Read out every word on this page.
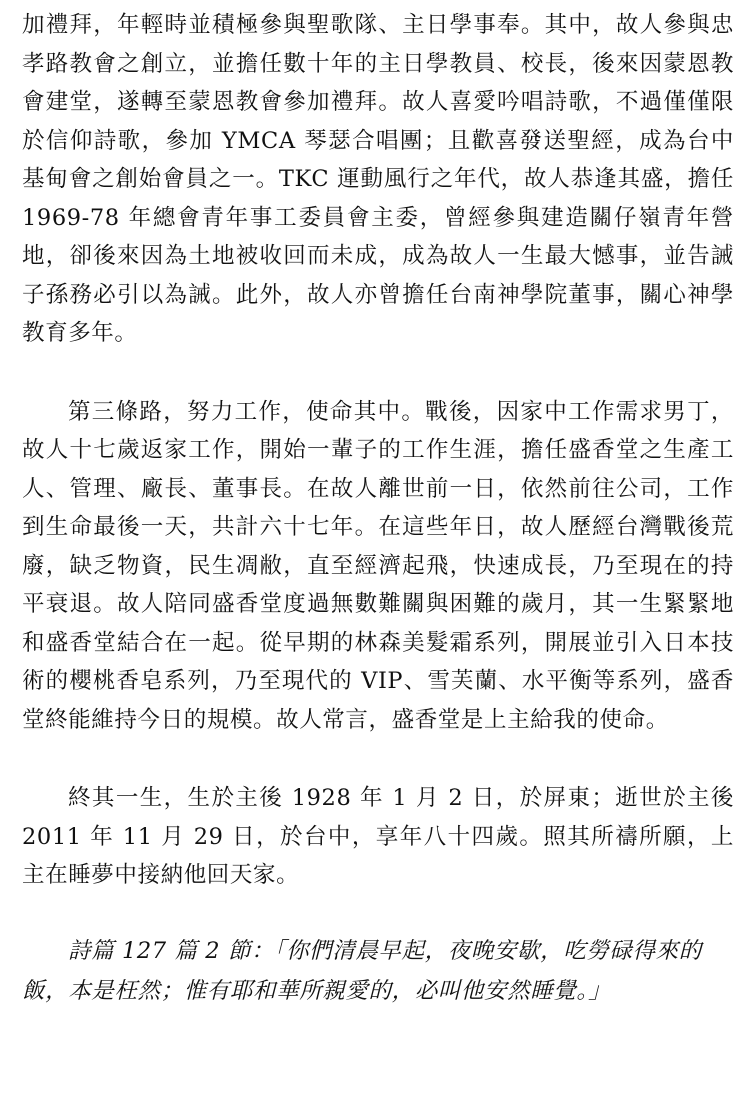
加禮拜，年輕時並積極參與聖歌隊、主日學事奉。其中，故人參與忠孝路教會之創立，並擔任數十年的主日學教員、校長，後來因蒙恩教會建堂，遂轉至蒙恩教會參加禮拜。故人喜愛吟唱詩歌，不過僅僅限於信仰詩歌，參加 YMCA 琴瑟合唱團；且歡喜發送聖經，成為台中基甸會之創始會員之一。TKC 運動風行之年代，故人恭逢其盛，擔任 1969-78 年總會青年事工委員會主委，曾經參與建造關仔嶺青年營地，卻後來因為土地被收回而未成，成為故人一生最大憾事，並告誡子孫務必引以為誡。此外，故人亦曾擔任台南神學院董事，關心神學教育多年。

第三條路，努力工作，使命其中。戰後，因家中工作需求男丁，故人十七歲返家工作，開始一輩子的工作生涯，擔任盛香堂之生產工人、管理、廠長、董事長。在故人離世前一日，依然前往公司，工作到生命最後一天，共計六十七年。在這些年日，故人歷經台灣戰後荒廢，缺乏物資，民生凋敝，直至經濟起飛，快速成長，乃至現在的持平衰退。故人陪同盛香堂度過無數難關與困難的歲月，其一生緊緊地和盛香堂結合在一起。從早期的林森美髮霜系列，開展並引入日本技術的櫻桃香皂系列，乃至現代的 VIP、雪芙蘭、水平衡等系列，盛香堂終能維持今日的規模。故人常言，盛香堂是上主給我的使命。

終其一生，生於主後 1928 年 1 月 2 日，於屏東；逝世於主後 2011 年 11 月 29 日，於台中，享年八十四歲。照其所禱所願，上主在睡夢中接納他回天家。

詩篇 127 篇 2 節：「你們清晨早起，夜晚安歇，吃勞碌得來的飯，本是枉然；惟有耶和華所親愛的，必叫他安然睡覺。」
